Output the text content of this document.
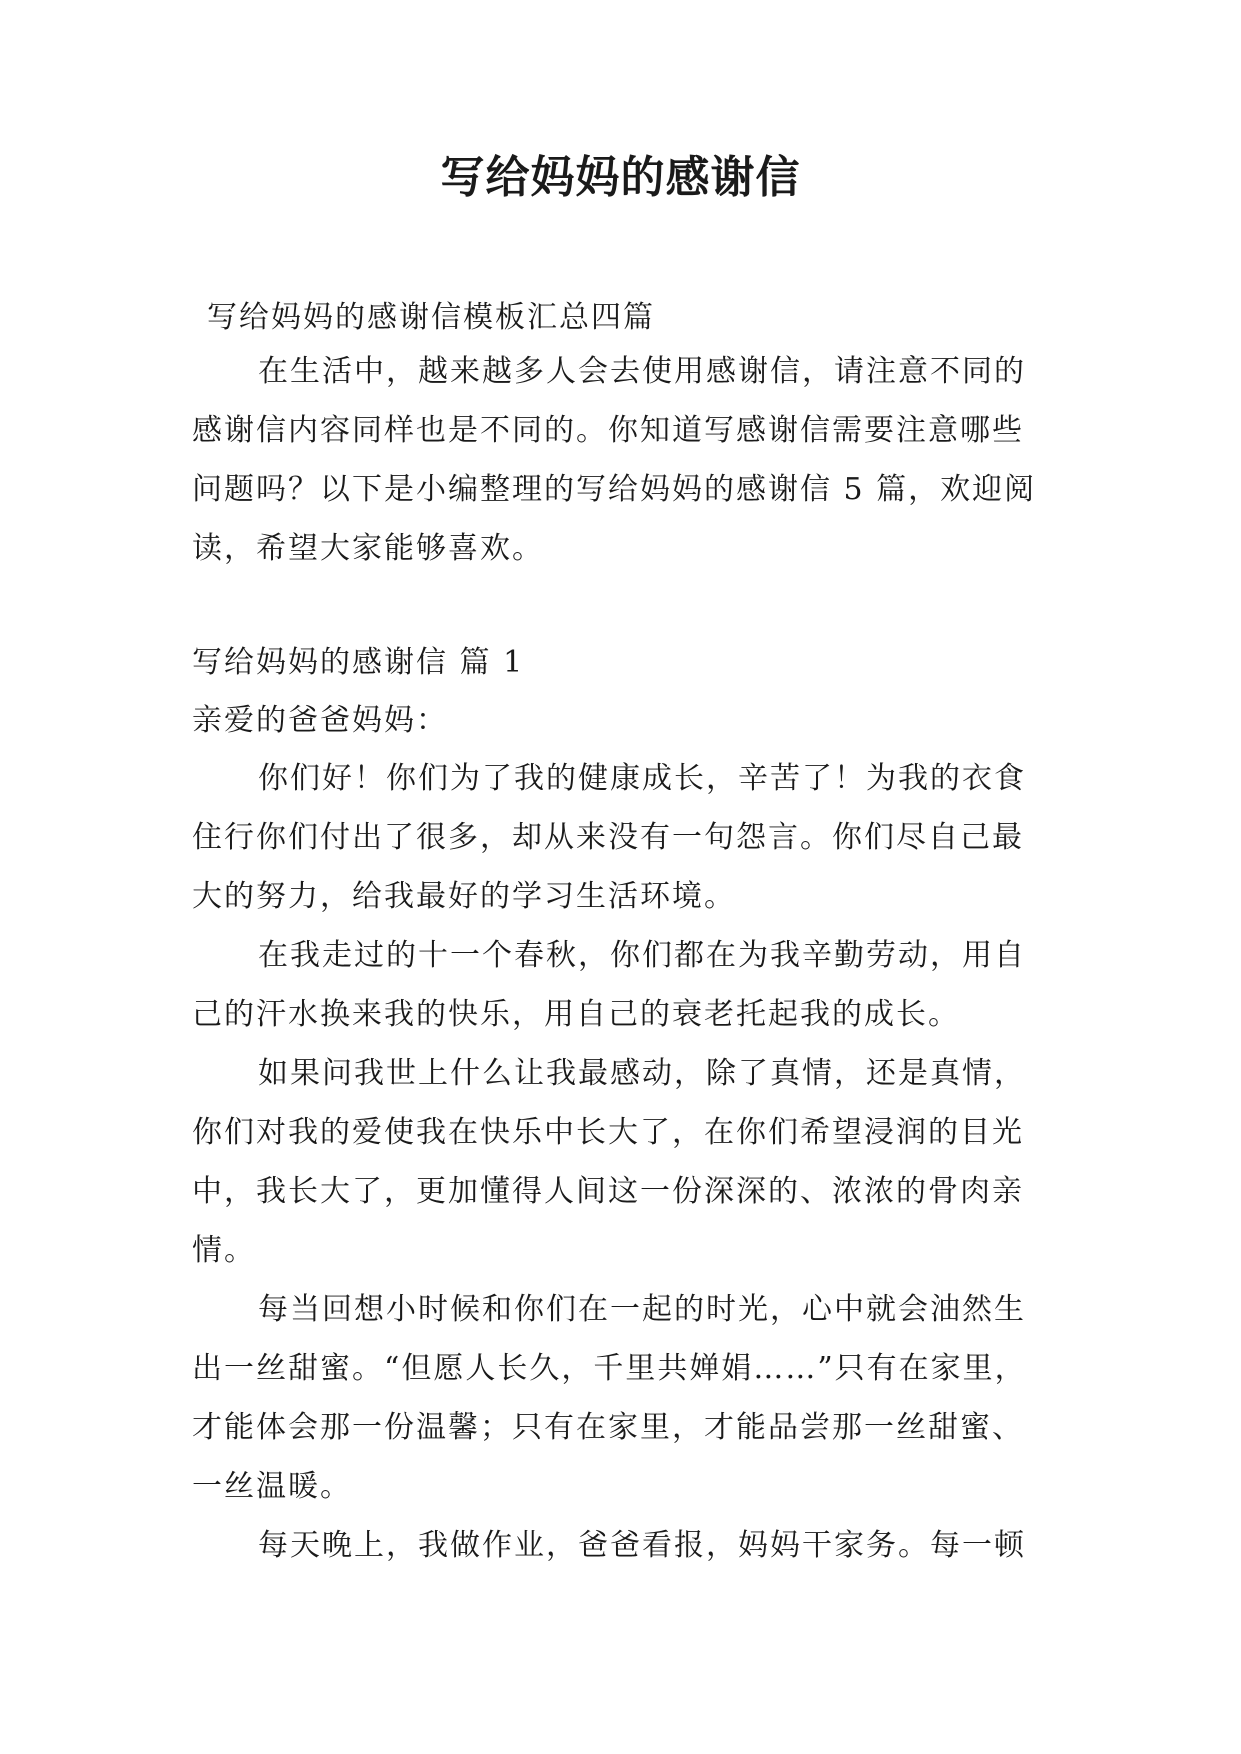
写给妈妈的感谢信

写给妈妈的感谢信模板汇总四篇

在生活中，越来越多人会去使用感谢信，请注意不同的

感谢信内容同样也是不同的。你知道写感谢信需要注意哪些

问题吗？以下是小编整理的写给妈妈的感谢信 5 篇，欢迎阅

读，希望大家能够喜欢。

写给妈妈的感谢信 篇 1

亲爱的爸爸妈妈：

你们好！你们为了我的健康成长，辛苦了！为我的衣食

住行你们付出了很多，却从来没有一句怨言。你们尽自己最

大的努力，给我最好的学习生活环境。

在我走过的十一个春秋，你们都在为我辛勤劳动，用自

己的汗水换来我的快乐，用自己的衰老托起我的成长。

如果问我世上什么让我最感动，除了真情，还是真情，

你们对我的爱使我在快乐中长大了，在你们希望浸润的目光

中，我长大了，更加懂得人间这一份深深的、浓浓的骨肉亲

情。

每当回想小时候和你们在一起的时光，心中就会油然生

出一丝甜蜜。“但愿人长久，千里共婵娟……”只有在家里，

才能体会那一份温馨；只有在家里，才能品尝那一丝甜蜜、

一丝温暖。

每天晚上，我做作业，爸爸看报，妈妈干家务。每一顿
